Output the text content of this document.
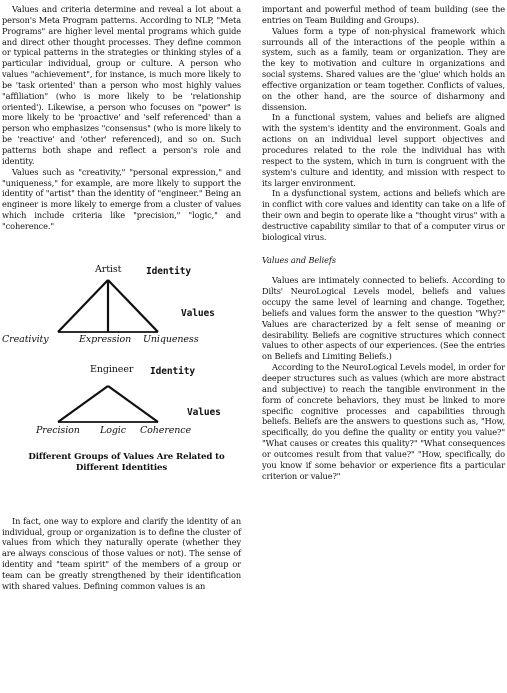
Values and criteria determine and reveal a lot about a person's Meta Program patterns. According to NLP, "Meta Programs" are higher level mental programs which guide and direct other thought processes. They define common or typical patterns in the strategies or thinking styles of a particular individual, group or culture. A person who values "achievement", for instance, is much more likely to be 'task oriented' than a person who most highly values "affiliation" (who is more likely to be 'relationship oriented'). Likewise, a person who focuses on "power" is more likely to be 'proactive' and 'self referenced' than a person who emphasizes "consensus" (who is more likely to be 'reactive' and 'other' referenced), and so on. Such patterns both shape and reflect a person's role and identity.

Values such as "creativity," "personal expression," and "uniqueness," for example, are more likely to support the identity of "artist" than the identity of "engineer." Being an engineer is more likely to emerge from a cluster of values which include criteria like "precision," "logic," and "coherence."

Artist	Identity
Values
Creativity	Expression Uniqueness
Engineer Identity
Values
Precision Logic Coherence

Different Groups of Values Are Related to
Different Identities

In fact, one way to explore and clarify the identity of an individual, group or organization is to define the cluster of values from which they naturally operate (whether they are always conscious of those values or not). The sense of identity and "team spirit" of the members of a group or team can be greatly strengthened by their identification with shared values. Defining common values is an

important and powerful method of team building (see the entries on Team Building and Groups).

Values form a type of non-physical framework which surrounds all of the interactions of the people within a system, such as a family, team or organization. They are the key to motivation and culture in organizations and social systems. Shared values are the 'glue' which holds an effective organization or team together. Conflicts of values, on the other hand, are the source of disharmony and dissension.

In a functional system, values and beliefs are aligned with the system's identity and the environment. Goals and actions on an individual level support objectives and procedures related to the role the individual has with respect to the system, which in turn is congruent with the system's culture and identity, and mission with respect to its larger environment.

In a dysfunctional system, actions and beliefs which are in conflict with core values and identity can take on a life of their own and begin to operate like a "thought virus" with a destructive capability similar to that of a computer virus or biological virus.

Values and Beliefs

Values are intimately connected to beliefs. According to Dilts' NeuroLogical Levels model, beliefs and values occupy the same level of learning and change. Together, beliefs and values form the answer to the question "Why?" Values are characterized by a felt sense of meaning or desirability. Beliefs are cognitive structures which connect values to other aspects of our experiences. (See the entries on Beliefs and Limiting Beliefs.)

According to the NeuroLogical Levels model, in order for deeper structures such as values (which are more abstract and subjective) to reach the tangible environment in the form of concrete behaviors, they must be linked to more specific cognitive processes and capabilities through beliefs. Beliefs are the answers to questions such as, "How, specifically, do you define the quality or entity you value?" "What causes or creates this quality?" "What consequences or outcomes result from that value?" "How, specifically, do you know if some behavior or experience fits a particular criterion or value?"
